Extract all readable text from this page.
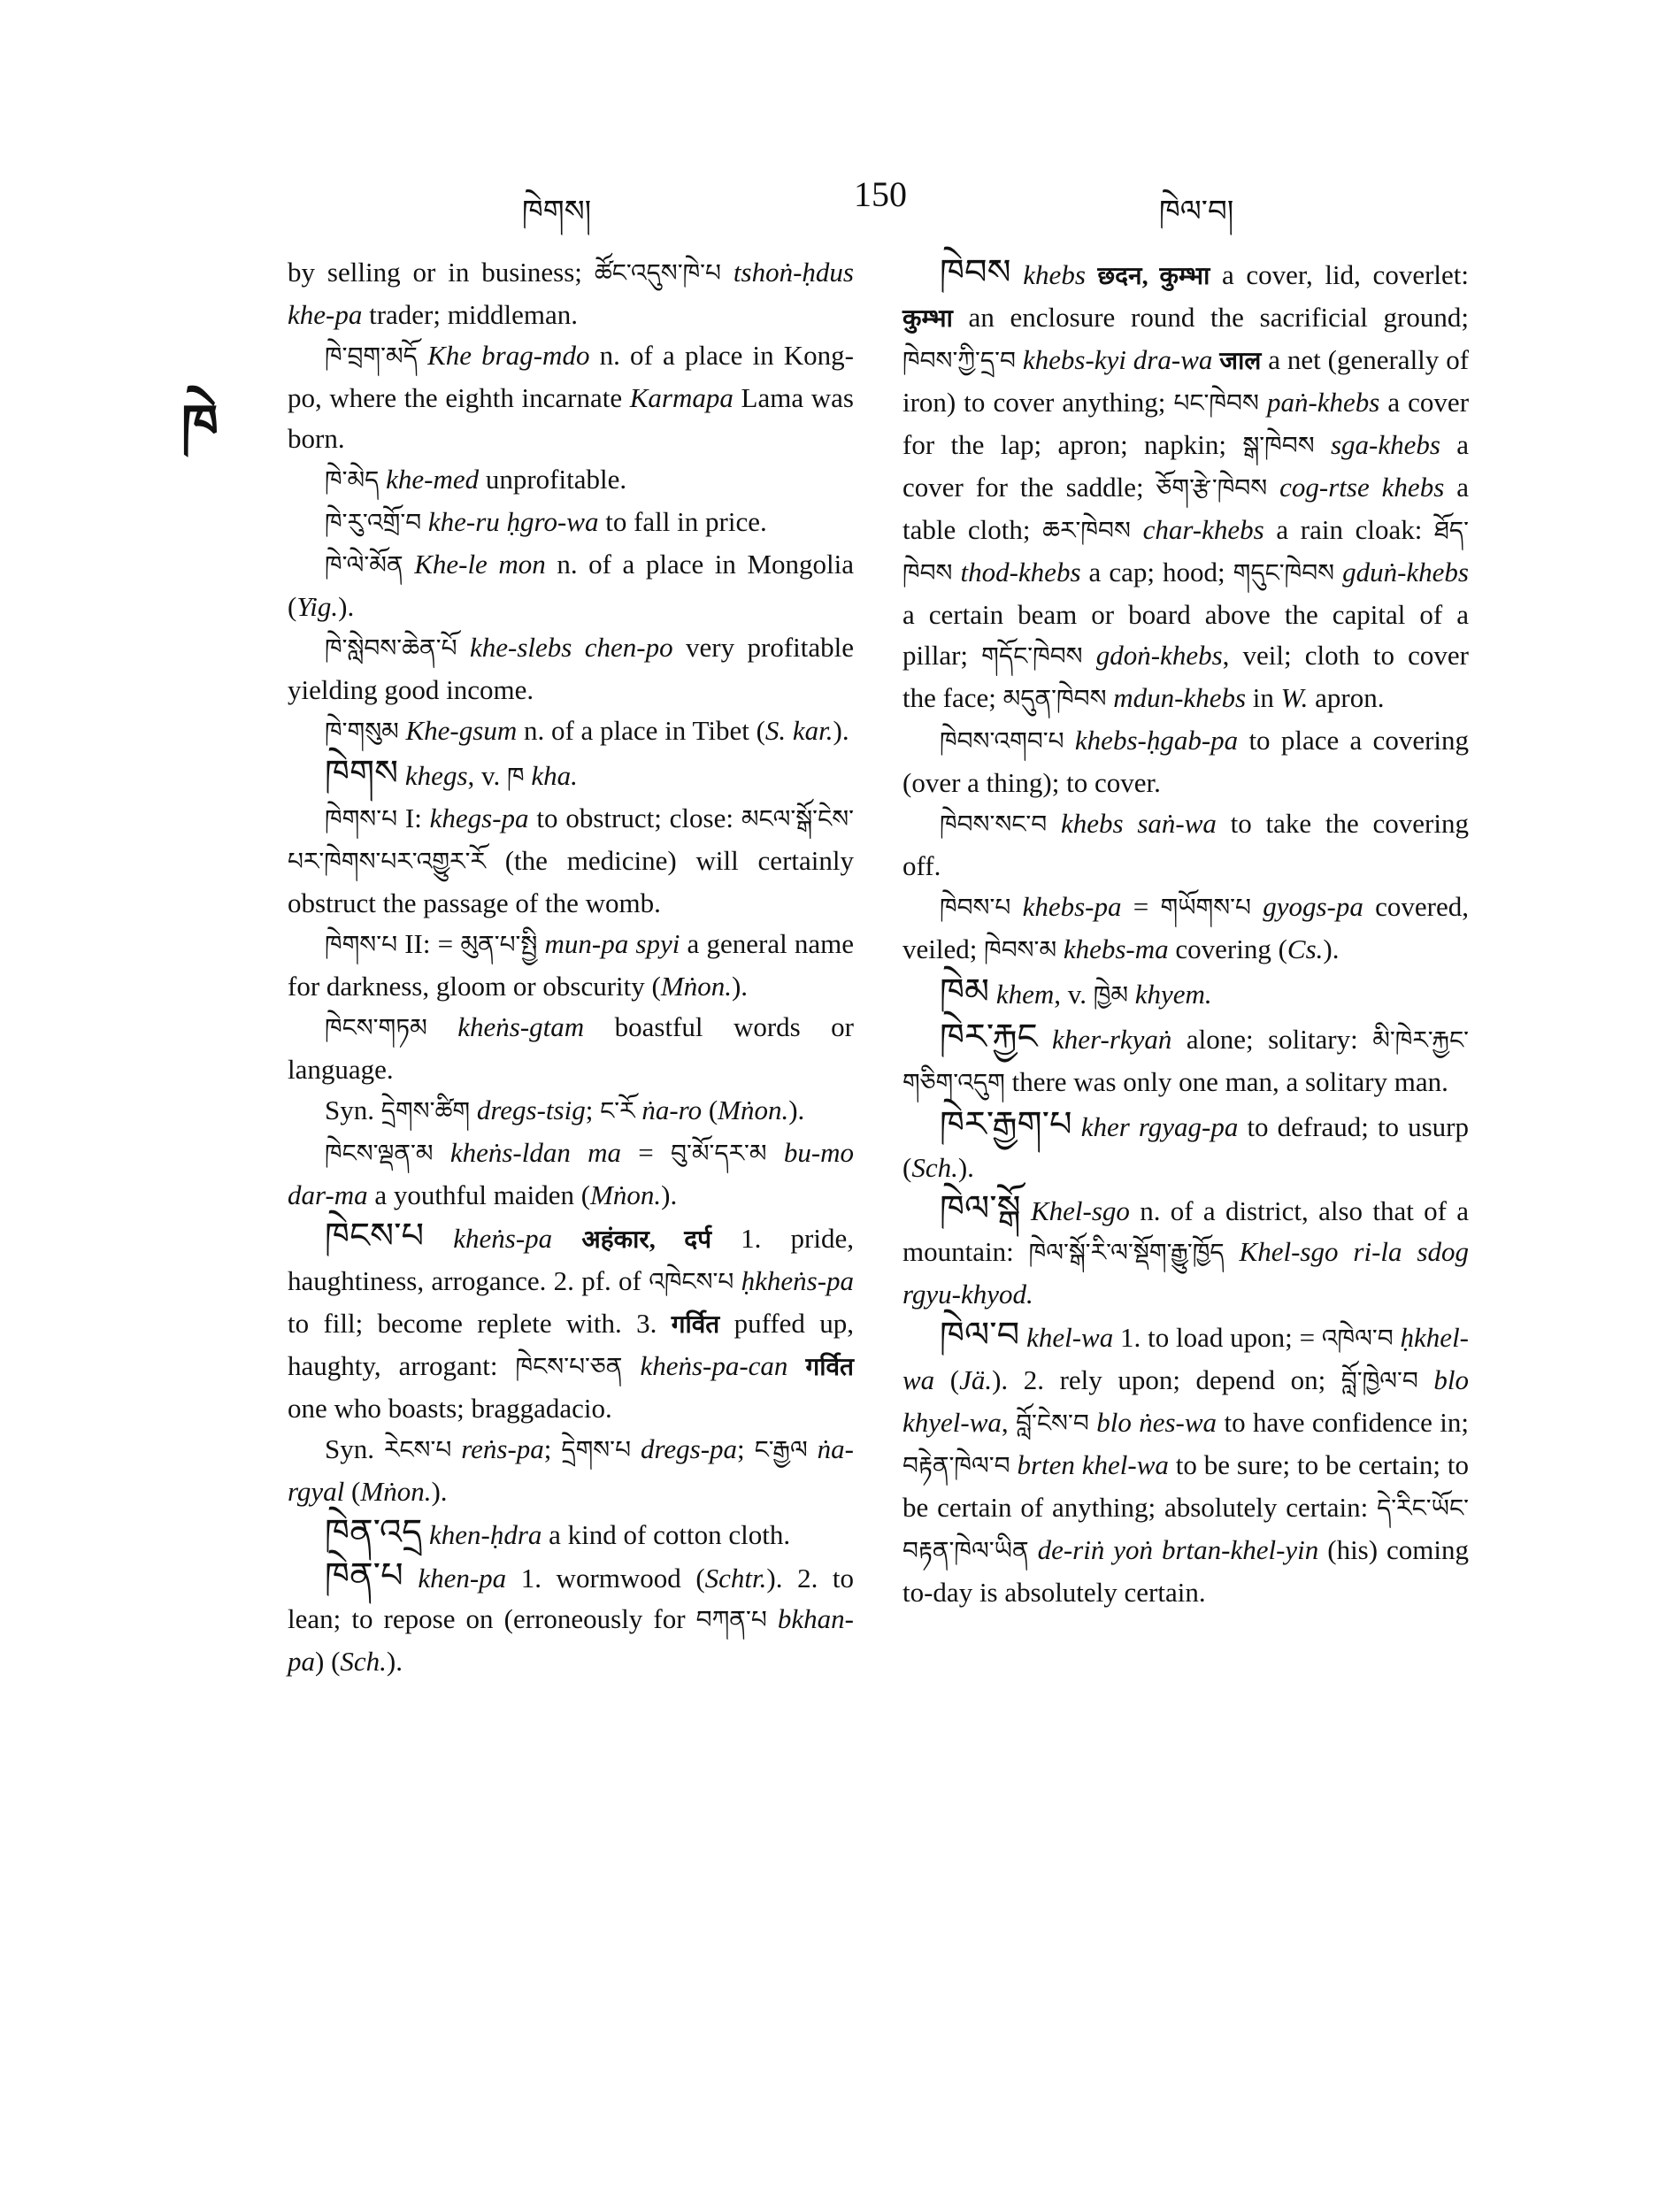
ཁེགས།	150	ཁེལ་བ།
ཁེ

by selling or in business; ཚོང་འདུས་ཁེ་པ tshoṅ-ḥdus khe-pa trader; middleman.

ཁེ་བྲག་མདོ Khe brag-mdo n. of a place in Kong-po, where the eighth incarnate Karmapa Lama was born.

ཁེ་མེད khe-med unprofitable.

ཁེ་རུ་འགྲོ་བ khe-ru ḥgro-wa to fall in price.

ཁེ་ལེ་མོན Khe-le mon n. of a place in Mongolia (Yig.).

ཁེ་སླེབས་ཆེན་པོ khe-slebs chen-po very profitable yielding good income.

ཁེ་གསུམ Khe-gsum n. of a place in Tibet (S. kar.).

ཁེགས khegs, v. ཁ kha.

ཁེགས་པ I: khegs-pa to obstruct; close: མངལ་སྒོ་ངེས་པར་ཁེགས་པར་འགྱུར་རོ (the medicine) will certainly obstruct the passage of the womb.

ཁེགས་པ II: = མུན་པ་སྤྱི mun-pa spyi a general name for darkness, gloom or obscurity (Mṅon.).

ཁེངས་གཏམ kheṅs-gtam boastful words or language.

Syn. དྲེགས་ཚིག dregs-tsig; ང་རོ ṅa-ro (Mṅon.).

ཁེངས་ལྡན་མ kheṅs-ldan ma = བུ་མོ་དར་མ bu-mo dar-ma a youthful maiden (Mṅon.).

ཁེངས་པ kheṅs-pa अहंकार, दर्प 1. pride, haughtiness, arrogance. 2. pf. of འཁེངས་པ ḥkheṅs-pa to fill; become replete with. 3. गर्वित puffed up, haughty, arrogant: ཁེངས་པ་ཅན kheṅs-pa-can गर्वित one who boasts; braggadacio.

Syn. རེངས་པ reṅs-pa; དྲེགས་པ dregs-pa; ང་རྒྱལ ṅa-rgyal (Mṅon.).

ཁེན་འདྲ khen-ḥdra a kind of cotton cloth.

ཁེན་པ khen-pa 1. wormwood (Schtr.). 2. to lean; to repose on (erroneously for བཀན་པ bkhan-pa) (Sch.).

ཁེབས khebs छदन, कुम्भा a cover, lid, coverlet: कुम्भा an enclosure round the sacrificial ground; ཁེབས་ཀྱི་དྲ་བ khebs-kyi dra-wa जाल a net (generally of iron) to cover anything; པང་ཁེབས paṅ-khebs a cover for the lap; apron; napkin; སྒ་ཁེབས sga-khebs a cover for the saddle; ཅོག་རྩེ་ཁེབས cog-rtse khebs a table cloth; ཆར་ཁེབས char-khebs a rain cloak: ཐོད་ཁེབས thod-khebs a cap; hood; གདུང་ཁེབས gduṅ-khebs a certain beam or board above the capital of a pillar; གདོང་ཁེབས gdoṅ-khebs, veil; cloth to cover the face; མདུན་ཁེབས mdun-khebs in W. apron.

ཁེབས་འགབ་པ khebs-ḥgab-pa to place a covering (over a thing); to cover.

ཁེབས་སང་བ khebs saṅ-wa to take the covering off.

ཁེབས་པ khebs-pa = གཡོགས་པ gyogs-pa covered, veiled; ཁེབས་མ khebs-ma covering (Cs.).

ཁེམ khem, v. ཁྱེམ khyem.

ཁེར་རྐྱང kher-rkyaṅ alone; solitary: མི་ཁེར་རྐྱང་གཅིག་འདུག there was only one man, a solitary man.

ཁེར་རྒྱག་པ kher rgyag-pa to defraud; to usurp (Sch.).

ཁེལ་སྒོ Khel-sgo n. of a district, also that of a mountain: ཁེལ་སྒོ་རི་ལ་སྡོག་རྒྱུ་ཁྱོད Khel-sgo ri-la sdog rgyu-khyod.

ཁེལ་བ khel-wa 1. to load upon; = འཁེལ་བ ḥkhel-wa (Jä.). 2. rely upon; depend on; བློ་ཁྱེལ་བ blo khyel-wa, བློ་ངེས་བ blo ṅes-wa to have confidence in; བརྟེན་ཁེལ་བ brten khel-wa to be sure; to be certain; to be certain of anything; absolutely certain: དེ་རིང་ཡོང་བརྟན་ཁེལ་ཡིན de-riṅ yoṅ brtan-khel-yin (his) coming to-day is absolutely certain.
